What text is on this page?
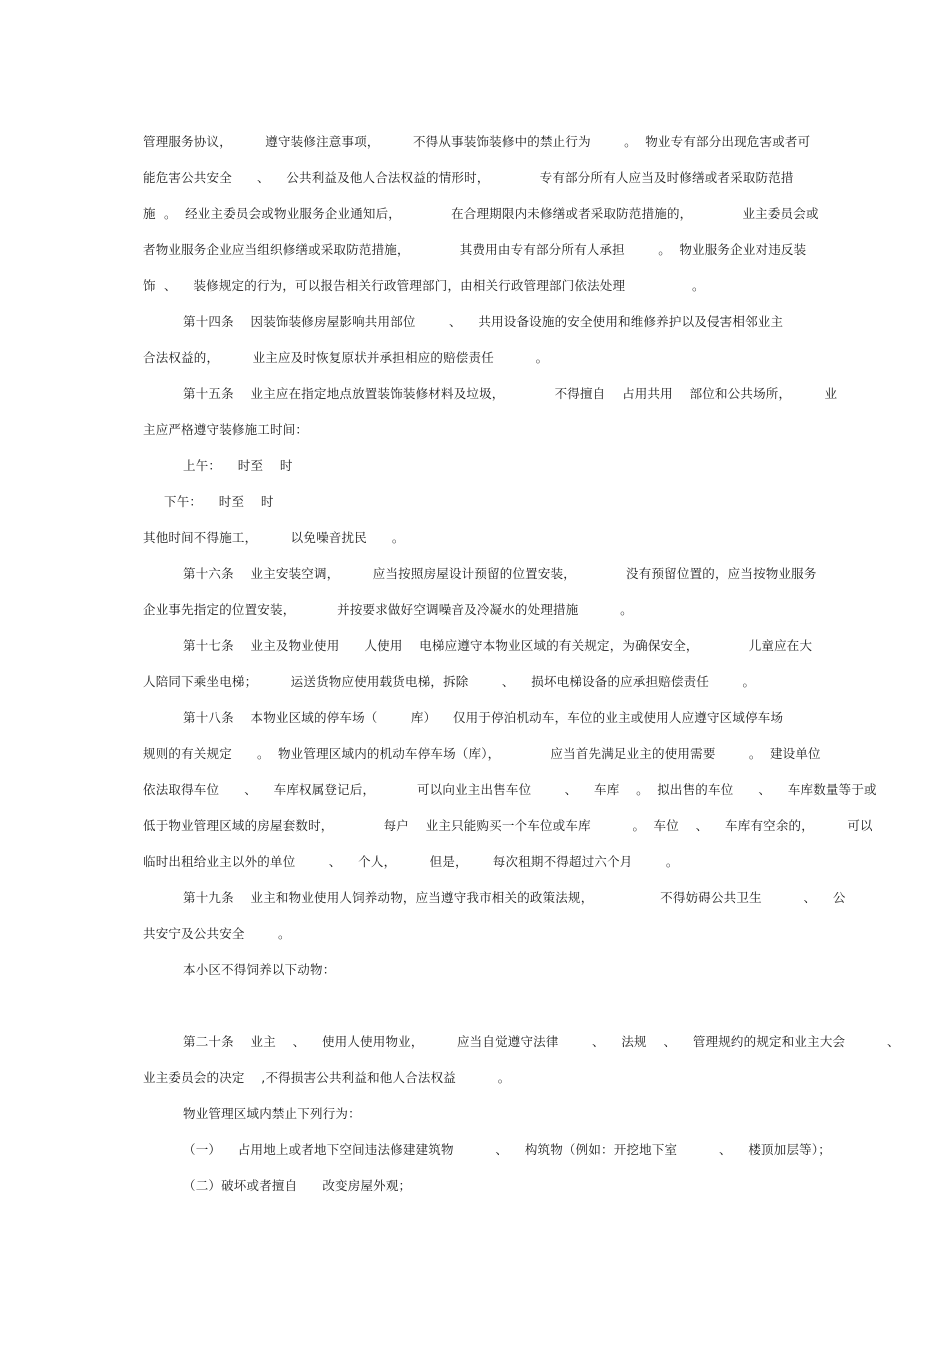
管理服务协议，        遵守装修注意事项，        不得从事装饰装修中的禁止行为        。  物业专有部分出现危害或者可
能危害公共安全      、    公共利益及他人合法权益的情形时，            专有部分所有人应当及时修缮或者采取防范措
施  。  经业主委员会或物业服务企业通知后，            在合理期限内未修缮或者采取防范措施的，            业主委员会或
者物业服务企业应当组织修缮或采取防范措施，            其费用由专有部分所有人承担        。  物业服务企业对违反装
饰  、    装修规定的行为，可以报告相关行政管理部门，由相关行政管理部门依法处理                。
第十四条    因装饰装修房屋影响共用部位        、    共用设备设施的安全使用和维修养护以及侵害相邻业主
合法权益的，        业主应及时恢复原状并承担相应的赔偿责任          。
第十五条    业主应在指定地点放置装饰装修材料及垃圾，            不得擅自    占用共用    部位和公共场所，        业
主应严格遵守装修施工时间：
上午：    时至    时
下午：    时至    时
其他时间不得施工，        以免噪音扰民      。
第十六条    业主安装空调，        应当按照房屋设计预留的位置安装，            没有预留位置的，应当按物业服务
企业事先指定的位置安装，          并按要求做好空调噪音及冷凝水的处理措施          。
第十七条    业主及物业使用      人使用    电梯应遵守本物业区域的有关规定，为确保安全，            儿童应在大
人陪同下乘坐电梯；        运送货物应使用载货电梯，拆除        、    损坏电梯设备的应承担赔偿责任        。
第十八条    本物业区域的停车场（        库）    仅用于停泊机动车，车位的业主或使用人应遵守区域停车场
规则的有关规定      。  物业管理区域内的机动车停车场（库），            应当首先满足业主的使用需要        。  建设单位
依法取得车位      、    车库权属登记后，          可以向业主出售车位        、    车库    。  拟出售的车位      、    车库数量等于或
低于物业管理区域的房屋套数时，            每户    业主只能购买一个车位或车库          。  车位    、    车库有空余的，        可以
临时出租给业主以外的单位        、    个人，        但是，      每次租期不得超过六个月        。
第十九条    业主和物业使用人饲养动物，应当遵守我市相关的政策法规，                不得妨碍公共卫生          、    公
共安宁及公共安全        。
本小区不得饲养以下动物：
第二十条    业主    、    使用人使用物业，        应当自觉遵守法律        、    法规    、    管理规约的规定和业主大会          、
业主委员会的决定    ,不得损害公共利益和他人合法权益          。
物业管理区域内禁止下列行为：
（一）    占用地上或者地下空间违法修建建筑物          、    构筑物（例如：开挖地下室          、    楼顶加层等）；
（二）破坏或者擅自      改变房屋外观；
